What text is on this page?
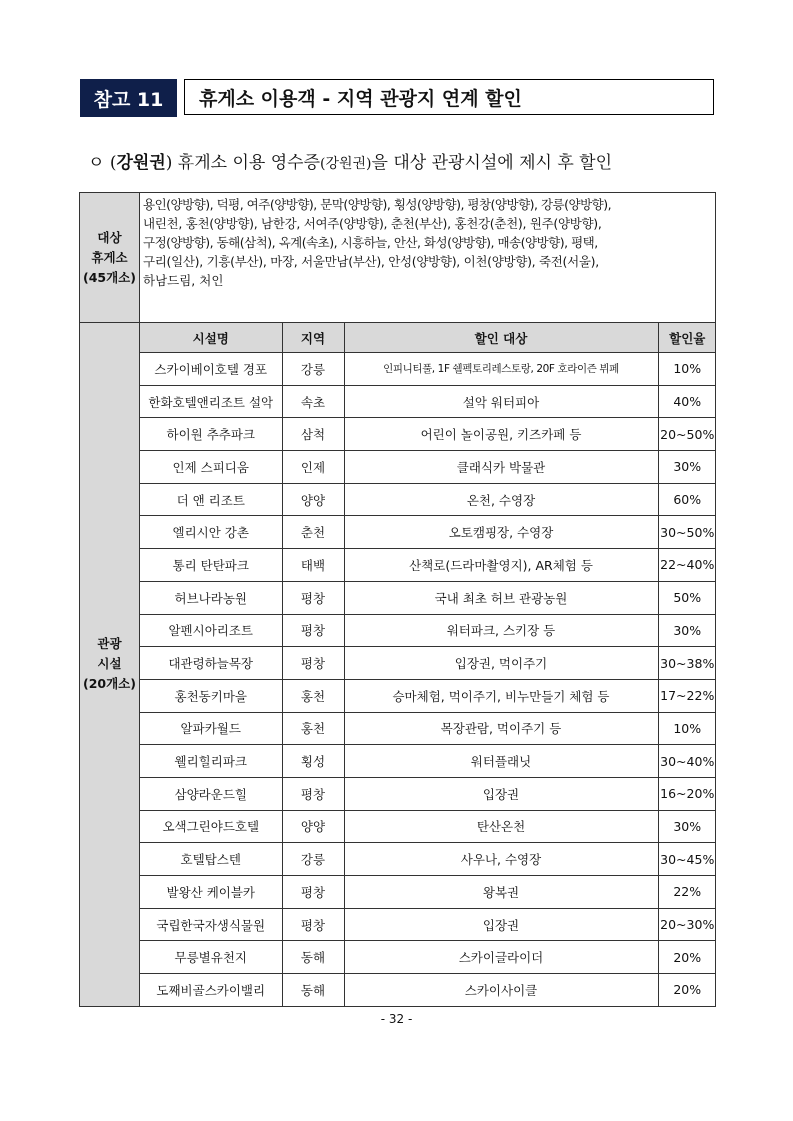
참고 11	휴게소 이용객 - 지역 관광지 연계 할인
ㅇ (강원권) 휴게소 이용 영수증(강원권)을 대상 관광시설에 제시 후 할인
대상
휴게소
(45개소)

용인(양방향), 덕평, 여주(양방향), 문막(양방향), 횡성(양방향), 평창(양방향), 강릉(양방향),
내린천, 홍천(양방향), 남한강, 서여주(양방향), 춘천(부산), 홍천강(춘천), 원주(양방향),
구정(양방향), 동해(삼척), 옥계(속초), 시흥하늘, 안산, 화성(양방향), 매송(양방향), 평택,
구리(일산), 기흥(부산), 마장, 서울만남(부산), 안성(양방향), 이천(양방향), 죽전(서울),
하남드림, 처인

관광
시설
(20개소)

시설명	지역	할인 대상	할인율
스카이베이호텔 경포	강릉	인피니티풀, 1F 쉘펙토리레스토랑, 20F 호라이즌 뷔페	10%
한화호텔앤리조트 설악	속초	설악 워터피아	40%
하이원 추추파크	삼척	어린이 놀이공원, 키즈카페 등	20~50%
인제 스피디움	인제	클래식카 박물관	30%
더 앤 리조트	양양	온천, 수영장	60%
엘리시안 강촌	춘천	오토캠핑장, 수영장	30~50%
통리 탄탄파크	태백	산책로(드라마촬영지), AR체험 등	22~40%
허브나라농원	평창	국내 최초 허브 관광농원	50%
알펜시아리조트	평창	워터파크, 스키장 등	30%
대관령하늘목장	평창	입장권, 먹이주기	30~38%
홍천동키마을	홍천	승마체험, 먹이주기, 비누만들기 체험 등	17~22%
알파카월드	홍천	목장관람, 먹이주기 등	10%
웰리힐리파크	횡성	워터플래닛	30~40%
삼양라운드힐	평창	입장권	16~20%
오색그린야드호텔	양양	탄산온천	30%
호텔탑스텐	강릉	사우나, 수영장	30~45%
발왕산 케이블카	평창	왕복권	22%
국립한국자생식물원	평창	입장권	20~30%
무릉별유천지	동해	스카이글라이더	20%
도째비골스카이밸리	동해	스카이사이클	20%
- 32 -
